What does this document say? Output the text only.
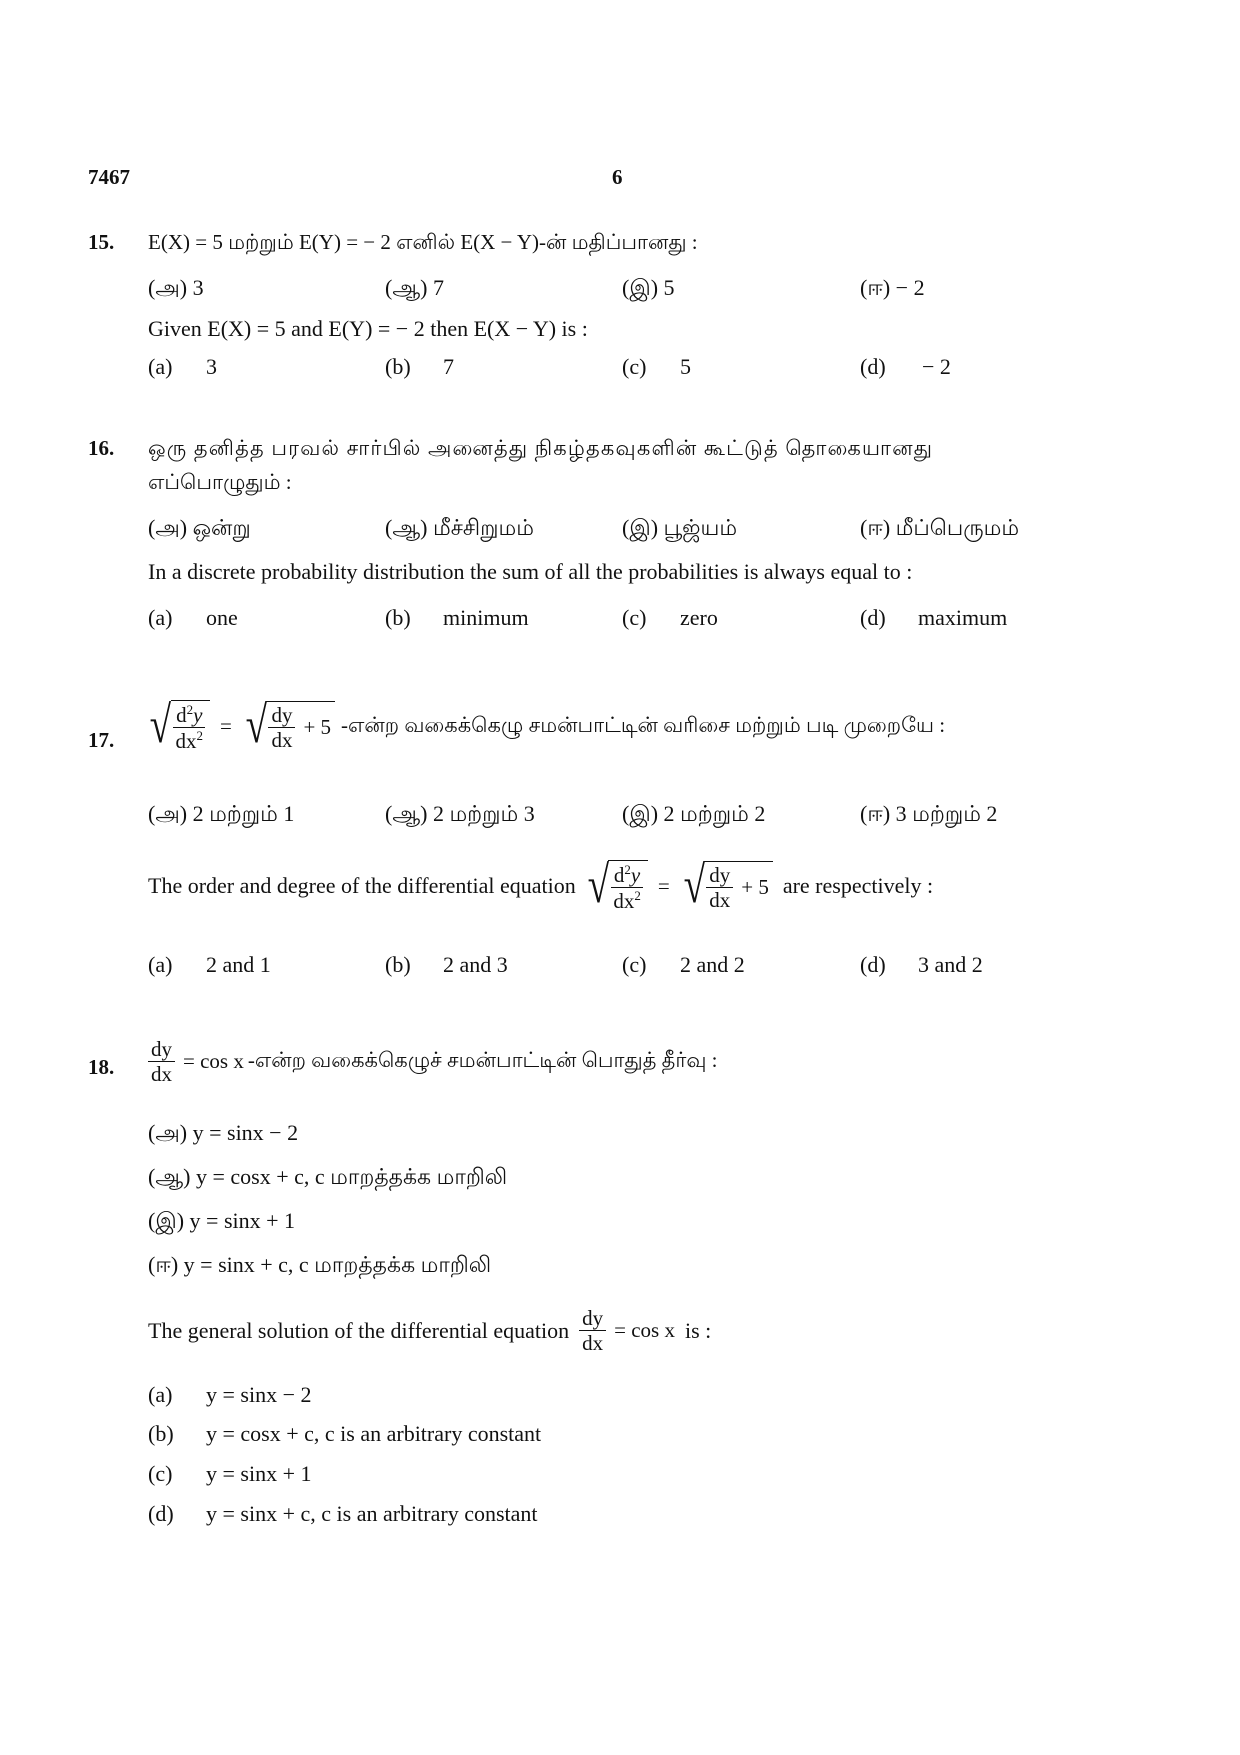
7467	6
15. E(X) = 5 மற்றும் E(Y) = − 2 எனில் E(X − Y)-ன் மதிப்பானது :
(அ) 3	(ஆ) 7	(இ) 5	(ஈ) − 2
Given E(X) = 5 and E(Y) = − 2 then E(X − Y) is :
(a) 3	(b) 7	(c) 5	(d) − 2
16. ஒரு தனித்த பரவல் சார்பில் அனைத்து நிகழ்தகவுகளின் கூட்டுத் தொகையானது
எப்பொழுதும் :
(அ) ஒன்று	(ஆ) மீச்சிறுமம்	(இ) பூஜ்யம்	(ஈ) மீப்பெருமம்
In a discrete probability distribution the sum of all the probabilities is always equal to :
(a) one	(b) minimum	(c) zero	(d) maximum
17. √ $\frac{d^2y}{dx^2}$ = √ $\frac{dy}{dx} + 5$ -என்ற வகைக்கெழு சமன்பாட்டின் வரிசை மற்றும் படி முறையே :
(அ) 2 மற்றும் 1	(ஆ) 2 மற்றும் 3	(இ) 2 மற்றும் 2	(ஈ) 3 மற்றும் 2
The order and degree of the differential equation √ $\frac{d^2y}{dx^2}$ = √ $\frac{dy}{dx} + 5$ are respectively :
(a) 2 and 1	(b) 2 and 3	(c) 2 and 2	(d) 3 and 2
18. $\frac{dy}{dx} = \cos x$ -என்ற வகைக்கெழுச் சமன்பாட்டின் பொதுத் தீர்வு :
(அ) y = sinx − 2
(ஆ) y = cosx + c, c மாறத்தக்க மாறிலி
(இ) y = sinx + 1
(ஈ) y = sinx + c, c மாறத்தக்க மாறிலி
The general solution of the differential equation $\frac{dy}{dx} = \cos x$ is :
(a) y = sinx − 2
(b) y = cosx + c, c is an arbitrary constant
(c) y = sinx + 1
(d) y = sinx + c, c is an arbitrary constant
